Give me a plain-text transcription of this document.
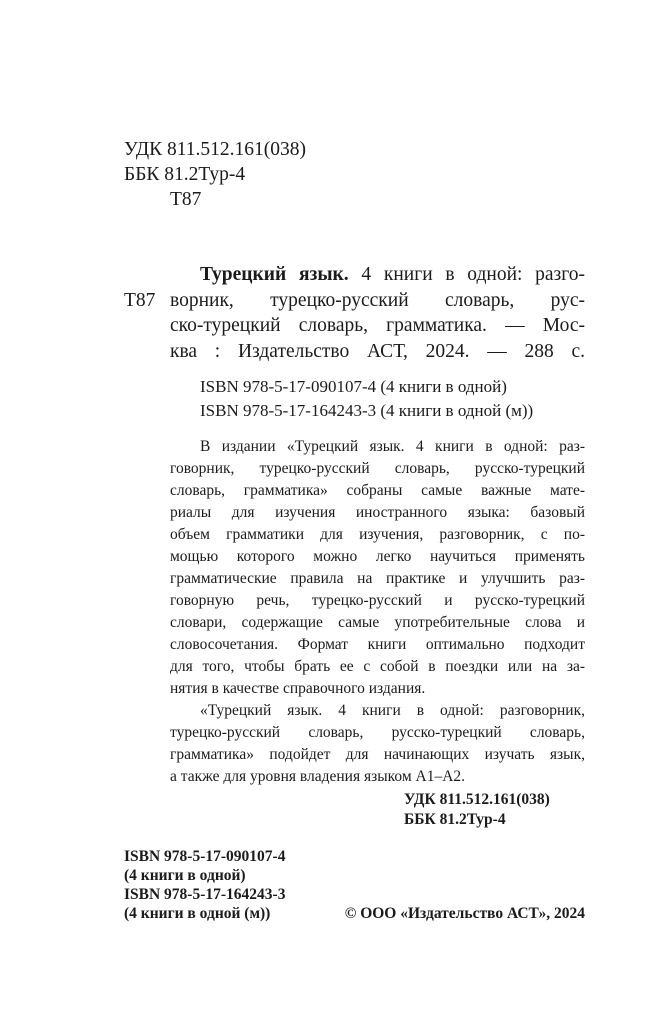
УДК 811.512.161(038)
ББК 81.2Тур-4
Т87
Т87
Турецкий язык. 4 книги в одной: разго-
ворник, турецко-русский словарь, рус-
ско-турецкий словарь, грамматика. — Мос-
ква : Издательство АСТ, 2024. — 288 с.
ISBN 978-5-17-090107-4 (4 книги в одной)
ISBN 978-5-17-164243-3 (4 книги в одной (м))
В издании «Турецкий язык. 4 книги в одной: раз-
говорник, турецко-русский словарь, русско-турецкий
словарь, грамматика» собраны самые важные мате-
риалы для изучения иностранного языка: базовый
объем грамматики для изучения, разговорник, с по-
мощью которого можно легко научиться применять
грамматические правила на практике и улучшить раз-
говорную речь, турецко-русский и русско-турецкий
словари, содержащие самые употребительные слова и
словосочетания. Формат книги оптимально подходит
для того, чтобы брать ее с собой в поездки или на за-
нятия в качестве справочного издания.
«Турецкий язык. 4 книги в одной: разговорник,
турецко-русский словарь, русско-турецкий словарь,
грамматика» подойдет для начинающих изучать язык,
а также для уровня владения языком А1–А2.
УДК 811.512.161(038)
ББК 81.2Тур-4
ISBN 978-5-17-090107-4
(4 книги в одной)
ISBN 978-5-17-164243-3
(4 книги в одной (м))	© ООО «Издательство АСТ», 2024
